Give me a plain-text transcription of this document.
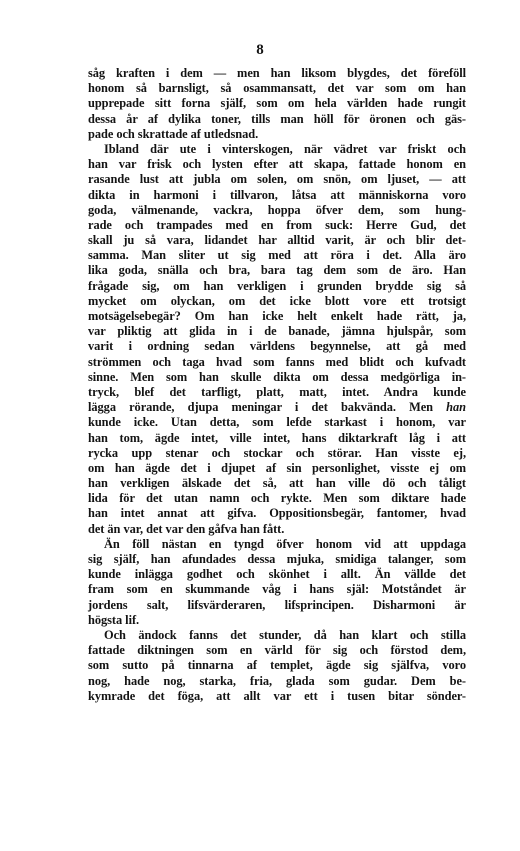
8
såg kraften i dem — men han liksom blygdes, det föreföll
honom så barnsligt, så osammansatt, det var som om han
upprepade sitt forna själf, som om hela världen hade rungit
dessa år af dylika toner, tills man höll för öronen och gäs-
pade och skrattade af utledsnad.
Ibland där ute i vinterskogen, när vädret var friskt och
han var frisk och lysten efter att skapa, fattade honom en
rasande lust att jubla om solen, om snön, om ljuset, — att
dikta in harmoni i tillvaron, låtsa att människorna voro
goda, välmenande, vackra, hoppa öfver dem, som hung-
rade och trampades med en from suck: Herre Gud, det
skall ju så vara, lidandet har alltid varit, är och blir det-
samma. Man sliter ut sig med att röra i det. Alla äro
lika goda, snälla och bra, bara tag dem som de äro. Han
frågade sig, om han verkligen i grunden brydde sig så
mycket om olyckan, om det icke blott vore ett trotsigt
motsägelsebegär? Om han icke helt enkelt hade rätt, ja,
var pliktig att glida in i de banade, jämna hjulspår, som
varit i ordning sedan världens begynnelse, att gå med
strömmen och taga hvad som fanns med blidt och kufvadt
sinne. Men som han skulle dikta om dessa medgörliga in-
tryck, blef det tarfligt, platt, matt, intet. Andra kunde
lägga rörande, djupa meningar i det bakvända. Men han
kunde icke. Utan detta, som lefde starkast i honom, var
han tom, ägde intet, ville intet, hans diktarkraft låg i att
rycka upp stenar och stockar och störar. Han visste ej,
om han ägde det i djupet af sin personlighet, visste ej om
han verkligen älskade det så, att han ville dö och tåligt
lida för det utan namn och rykte. Men som diktare hade
han intet annat att gifva. Oppositionsbegär, fantomer, hvad
det än var, det var den gåfva han fått.
Än föll nästan en tyngd öfver honom vid att uppdaga
sig själf, han afundades dessa mjuka, smidiga talanger, som
kunde inlägga godhet och skönhet i allt. Än vällde det
fram som en skummande våg i hans själ: Motståndet är
jordens salt, lifsvärderaren, lifsprincipen. Disharmoni är
högsta lif.
Och ändock fanns det stunder, då han klart och stilla
fattade diktningen som en värld för sig och förstod dem,
som sutto på tinnarna af templet, ägde sig själfva, voro
nog, hade nog, starka, fria, glada som gudar. Dem be-
kymrade det föga, att allt var ett i tusen bitar sönder-
